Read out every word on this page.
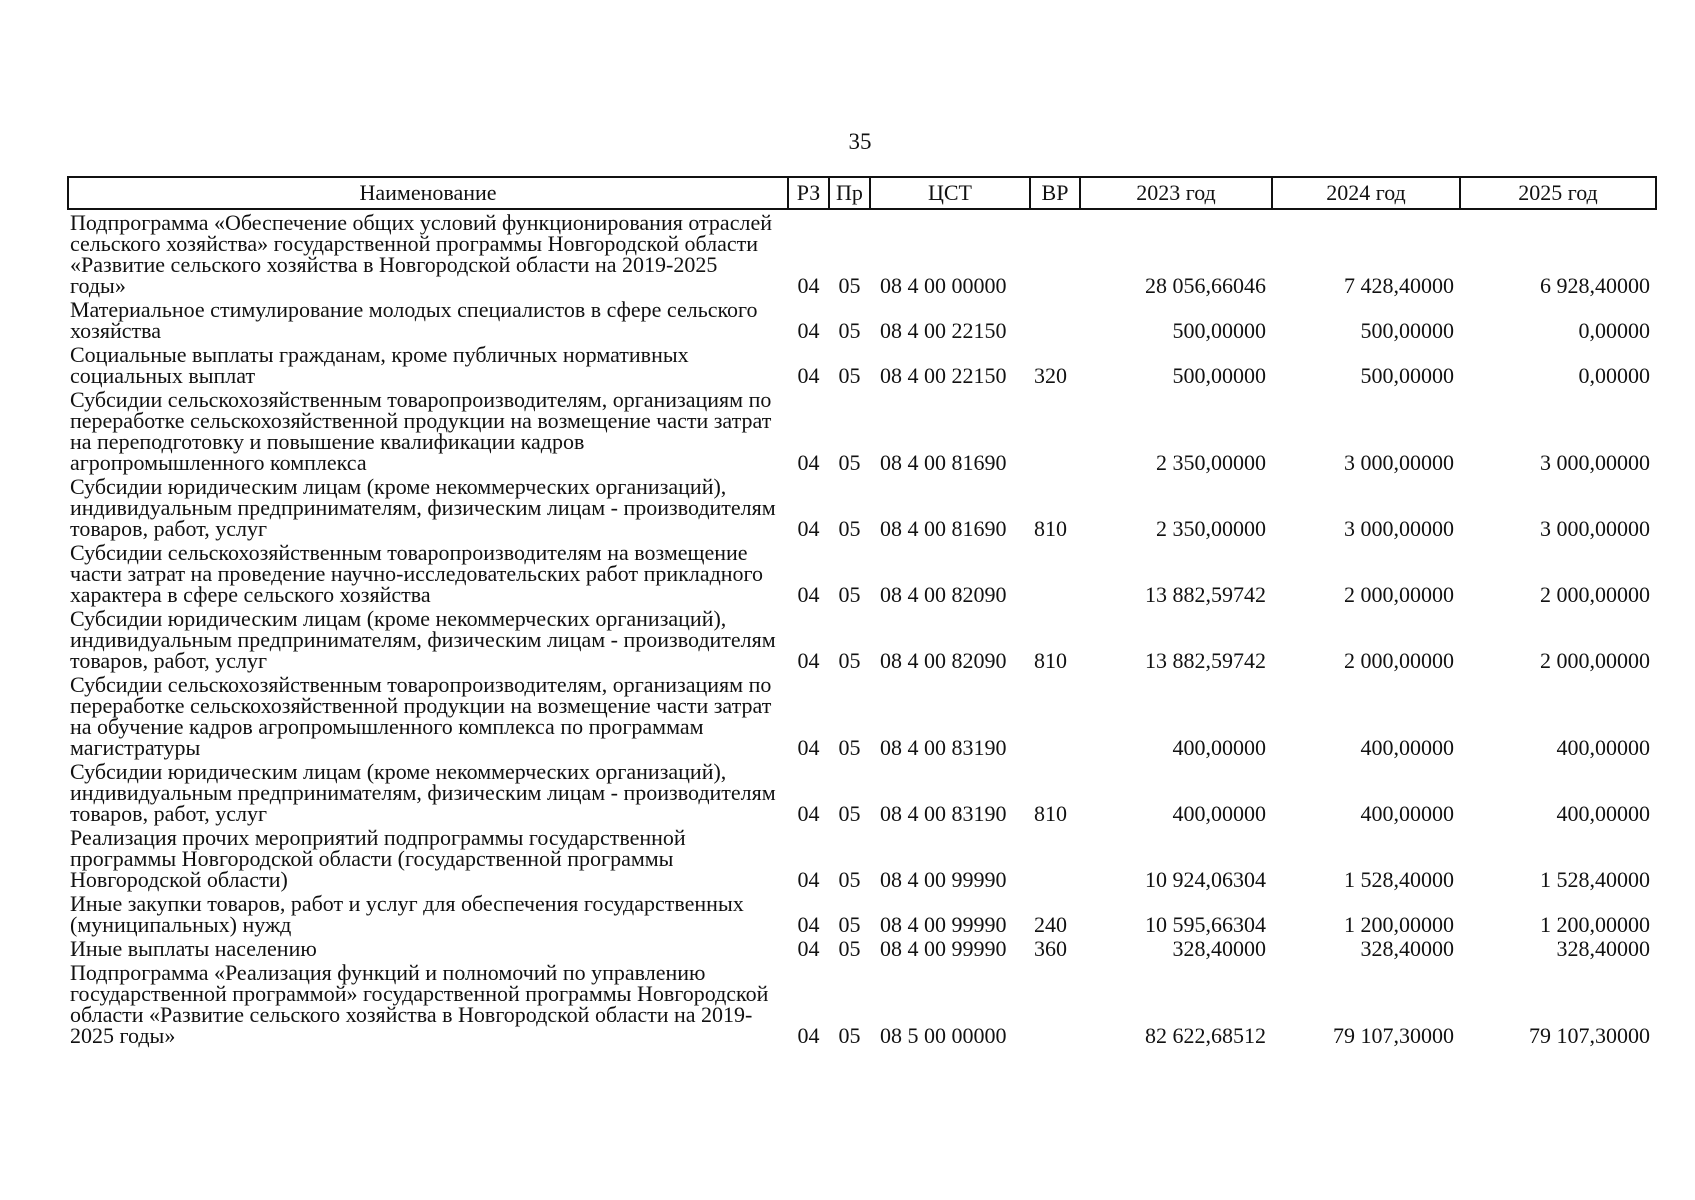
35
Наименование	РЗ	Пр	ЦСТ	ВР	2023 год	2024 год	2025 год
Подпрограмма «Обеспечение общих условий функционирования отраслей сельского хозяйства» государственной программы Новгородской области «Развитие сельского хозяйства в Новгородской области на 2019-2025 годы»	04	05	08 4 00 00000		28 056,66046	7 428,40000	6 928,40000
Материальное стимулирование молодых специалистов в сфере сельского хозяйства	04	05	08 4 00 22150		500,00000	500,00000	0,00000
Социальные выплаты гражданам, кроме публичных нормативных социальных выплат	04	05	08 4 00 22150	320	500,00000	500,00000	0,00000
Субсидии сельскохозяйственным товаропроизводителям, организациям по переработке сельскохозяйственной продукции на возмещение части затрат на переподготовку и повышение квалификации кадров агропромышленного комплекса	04	05	08 4 00 81690		2 350,00000	3 000,00000	3 000,00000
Субсидии юридическим лицам (кроме некоммерческих организаций), индивидуальным предпринимателям, физическим лицам - производителям товаров, работ, услуг	04	05	08 4 00 81690	810	2 350,00000	3 000,00000	3 000,00000
Субсидии сельскохозяйственным товаропроизводителям на возмещение части затрат на проведение научно-исследовательских работ прикладного характера в сфере сельского хозяйства	04	05	08 4 00 82090		13 882,59742	2 000,00000	2 000,00000
Субсидии юридическим лицам (кроме некоммерческих организаций), индивидуальным предпринимателям, физическим лицам - производителям товаров, работ, услуг	04	05	08 4 00 82090	810	13 882,59742	2 000,00000	2 000,00000
Субсидии сельскохозяйственным товаропроизводителям, организациям по переработке сельскохозяйственной продукции на возмещение части затрат на обучение кадров агропромышленного комплекса по программам магистратуры	04	05	08 4 00 83190		400,00000	400,00000	400,00000
Субсидии юридическим лицам (кроме некоммерческих организаций), индивидуальным предпринимателям, физическим лицам - производителям товаров, работ, услуг	04	05	08 4 00 83190	810	400,00000	400,00000	400,00000
Реализация прочих мероприятий подпрограммы государственной программы Новгородской области (государственной программы Новгородской области)	04	05	08 4 00 99990		10 924,06304	1 528,40000	1 528,40000
Иные закупки товаров, работ и услуг для обеспечения государственных (муниципальных) нужд	04	05	08 4 00 99990	240	10 595,66304	1 200,00000	1 200,00000
Иные выплаты населению	04	05	08 4 00 99990	360	328,40000	328,40000	328,40000
Подпрограмма «Реализация функций и полномочий по управлению государственной программой» государственной программы Новгородской области «Развитие сельского хозяйства в Новгородской области на 2019-2025 годы»	04	05	08 5 00 00000		82 622,68512	79 107,30000	79 107,30000
